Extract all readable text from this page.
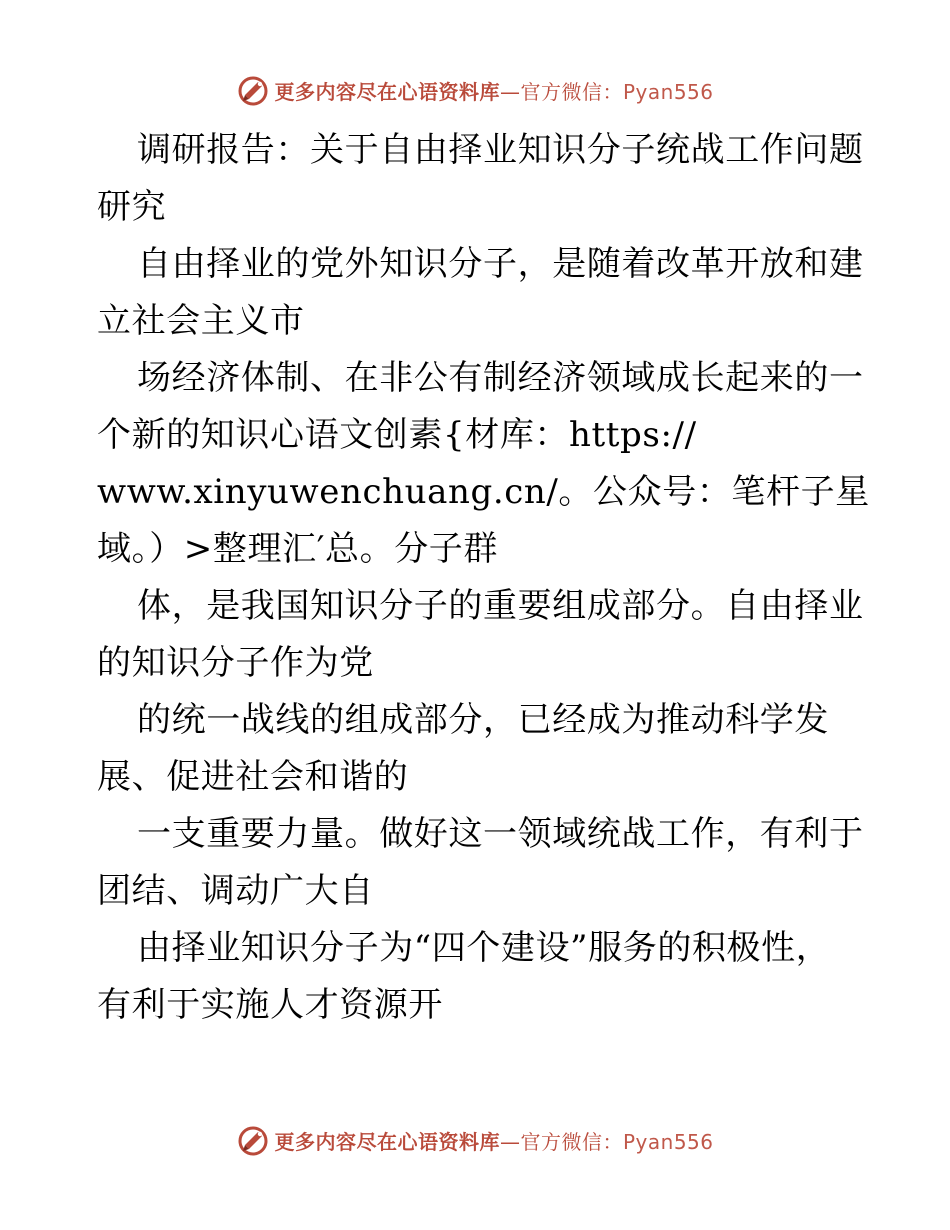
更多内容尽在心语资料库—官方微信：Pyan556
调研报告：关于自由择业知识分子统战工作问题
研究
自由择业的党外知识分子，是随着改革开放和建
立社会主义市
场经济体制、在非公有制经济领域成长起来的一
个新的知识心语文创素{材库：https://
www.xinyuwenchuang.cn/。公众号：笔杆子星
域。）>整理汇′总。分子群
体，是我国知识分子的重要组成部分。自由择业
的知识分子作为党
的统一战线的组成部分，已经成为推动科学发
展、促进社会和谐的
一支重要力量。做好这一领域统战工作，有利于
团结、调动广大自
由择业知识分子为“四个建设”服务的积极性，
有利于实施人才资源开
更多内容尽在心语资料库—官方微信：Pyan556
